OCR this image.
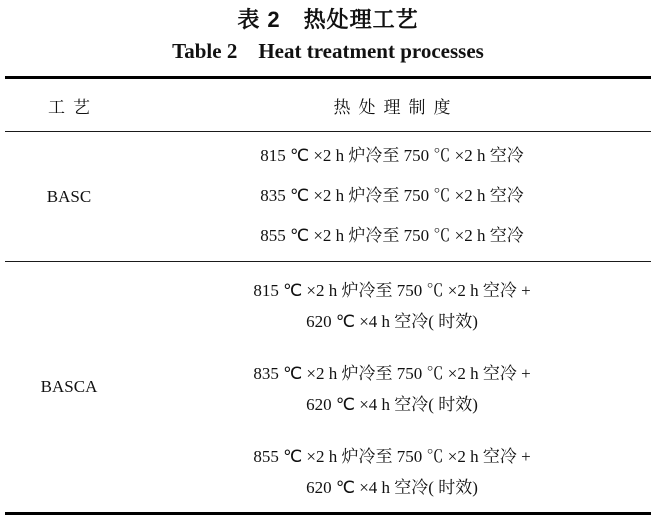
表 2　热处理工艺
Table 2　Heat treatment processes
工艺	热处理制度
BASC
815 ℃ ×2 h 炉冷至 750 ℃ ×2 h 空冷
835 ℃ ×2 h 炉冷至 750 ℃ ×2 h 空冷
855 ℃ ×2 h 炉冷至 750 ℃ ×2 h 空冷
BASCA
815 ℃ ×2 h 炉冷至 750 ℃ ×2 h 空冷 +
620 ℃ ×4 h 空冷( 时效)
835 ℃ ×2 h 炉冷至 750 ℃ ×2 h 空冷 +
620 ℃ ×4 h 空冷( 时效)
855 ℃ ×2 h 炉冷至 750 ℃ ×2 h 空冷 +
620 ℃ ×4 h 空冷( 时效)
